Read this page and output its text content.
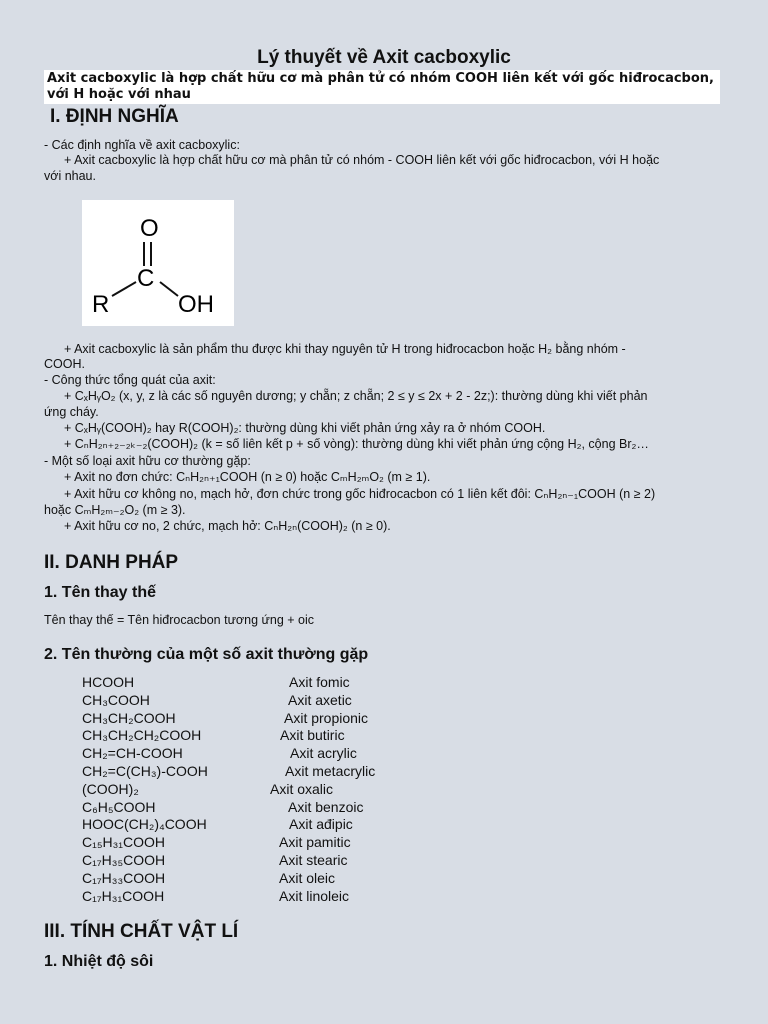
Lý thuyết về Axit cacboxylic
Axit cacboxylic là hợp chất hữu cơ mà phân tử có nhóm COOH liên kết với gốc hiđrocacbon, với H hoặc với nhau
I. ĐỊNH NGHĨA
- Các định nghĩa về axit cacboxylic:
+ Axit cacboxylic là hợp chất hữu cơ mà phân tử có nhóm - COOH liên kết với gốc hiđrocacbon, với H hoặc
với nhau.
O
C
R	OH
+ Axit cacboxylic là sản phẩm thu được khi thay nguyên tử H trong hiđrocacbon hoặc H₂ bằng nhóm -
COOH.
- Công thức tổng quát của axit:
+ CₓHᵧO₂ (x, y, z là các số nguyên dương; y chẵn; z chẵn; 2 ≤ y ≤ 2x + 2 - 2z;): thường dùng khi viết phản
ứng cháy.
+ CₓHᵧ(COOH)₂ hay R(COOH)₂: thường dùng khi viết phản ứng xảy ra ở nhóm COOH.
+ CₙH₂ₙ₊₂₋₂ₖ₋₂(COOH)₂ (k = số liên kết p + số vòng): thường dùng khi viết phản ứng cộng H₂, cộng Br₂…
- Một số loại axit hữu cơ thường gặp:
+ Axit no đơn chức: CₙH₂ₙ₊₁COOH (n ≥ 0) hoặc CₘH₂ₘO₂ (m ≥ 1).
+ Axit hữu cơ không no, mạch hở, đơn chức trong gốc hiđrocacbon có 1 liên kết đôi: CₙH₂ₙ₋₁COOH (n ≥ 2)
hoặc CₘH₂ₘ₋₂O₂ (m ≥ 3).
+ Axit hữu cơ no, 2 chức, mạch hở: CₙH₂ₙ(COOH)₂ (n ≥ 0).
II. DANH PHÁP
1. Tên thay thế
Tên thay thế = Tên hiđrocacbon tương ứng + oic
2. Tên thường của một số axit thường gặp
HCOOH	Axit fomic
CH₃COOH	Axit axetic
CH₃CH₂COOH	Axit propionic
CH₃CH₂CH₂COOH	Axit butiric
CH₂=CH-COOH	Axit acrylic
CH₂=C(CH₃)-COOH	Axit metacrylic
(COOH)₂	Axit oxalic
C₆H₅COOH	Axit benzoic
HOOC(CH₂)₄COOH	Axit ađipic
C₁₅H₃₁COOH	Axit pamitic
C₁₇H₃₅COOH	Axit stearic
C₁₇H₃₃COOH	Axit oleic
C₁₇H₃₁COOH	Axit linoleic
III. TÍNH CHẤT VẬT LÍ
1. Nhiệt độ sôi
